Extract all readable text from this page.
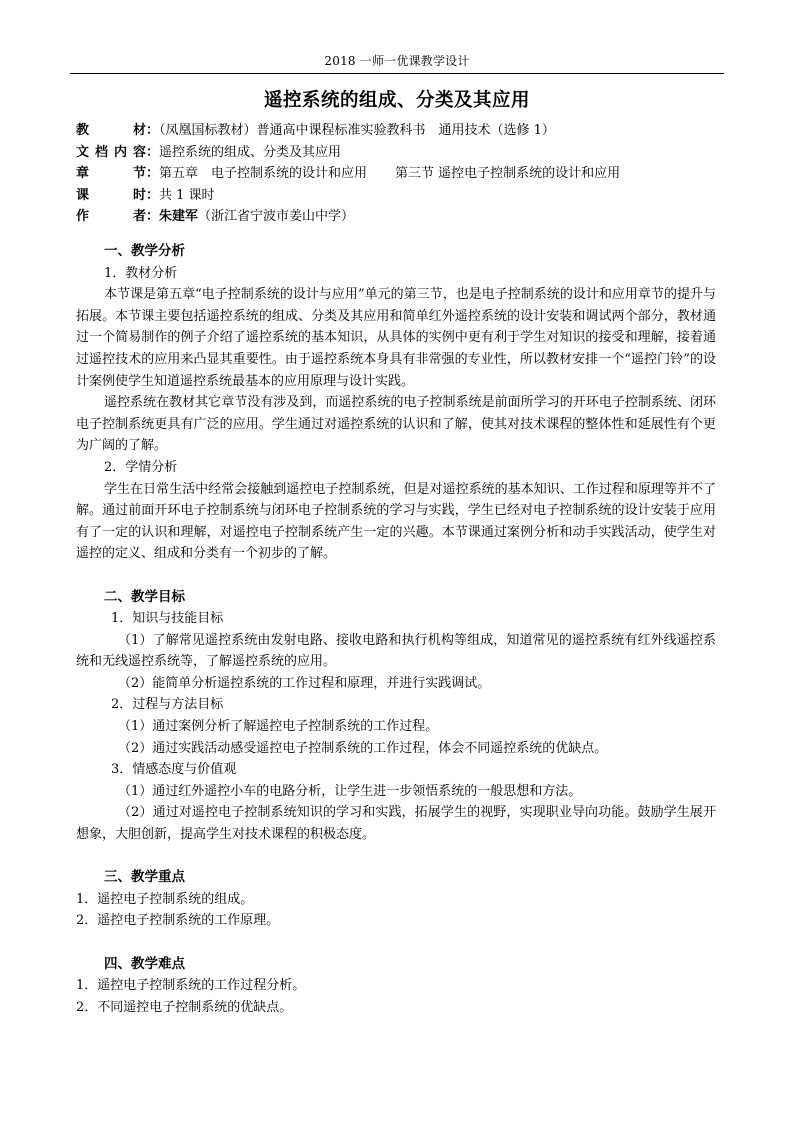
2018 一师一优课教学设计
遥控系统的组成、分类及其应用
教　　材：（凤凰国标教材）普通高中课程标准实验教科书　通用技术（选修 1）
文档内容：遥控系统的组成、分类及其应用
章　　节：第五章　电子控制系统的设计和应用 第三节 遥控电子控制系统的设计和应用
课　　时：共 1 课时
作　　者：朱建军（浙江省宁波市姜山中学）
一、教学分析
1．教材分析

本节课是第五章“电子控制系统的设计与应用”单元的第三节，也是电子控制系统的设计和应用章节的提升与拓展。本节课主要包括遥控系统的组成、分类及其应用和简单红外遥控系统的设计安装和调试两个部分，教材通过一个简易制作的例子介绍了遥控系统的基本知识，从具体的实例中更有利于学生对知识的接受和理解，接着通过遥控技术的应用来凸显其重要性。由于遥控系统本身具有非常强的专业性，所以教材安排一个“遥控门铃”的设计案例使学生知道遥控系统最基本的应用原理与设计实践。

遥控系统在教材其它章节没有涉及到，而遥控系统的电子控制系统是前面所学习的开环电子控制系统、闭环电子控制系统更具有广泛的应用。学生通过对遥控系统的认识和了解，使其对技术课程的整体性和延展性有个更为广阔的了解。

2．学情分析

学生在日常生活中经常会接触到遥控电子控制系统，但是对遥控系统的基本知识、工作过程和原理等并不了解。通过前面开环电子控制系统与闭环电子控制系统的学习与实践，学生已经对电子控制系统的设计安装于应用有了一定的认识和理解，对遥控电子控制系统产生一定的兴趣。本节课通过案例分析和动手实践活动，使学生对遥控的定义、组成和分类有一个初步的了解。

二、教学目标
1．知识与技能目标

（1）了解常见遥控系统由发射电路、接收电路和执行机构等组成，知道常见的遥控系统有红外线遥控系统和无线遥控系统等，了解遥控系统的应用。

（2）能简单分析遥控系统的工作过程和原理，并进行实践调试。
2．过程与方法目标
（1）通过案例分析了解遥控电子控制系统的工作过程。
（2）通过实践活动感受遥控电子控制系统的工作过程，体会不同遥控系统的优缺点。
3．情感态度与价值观
（1）通过红外遥控小车的电路分析，让学生进一步领悟系统的一般思想和方法。

（2）通过对遥控电子控制系统知识的学习和实践，拓展学生的视野，实现职业导向功能。鼓励学生展开想象，大胆创新，提高学生对技术课程的积极态度。

三、教学重点
1．遥控电子控制系统的组成。
2．遥控电子控制系统的工作原理。
四、教学难点
1．遥控电子控制系统的工作过程分析。
2．不同遥控电子控制系统的优缺点。
